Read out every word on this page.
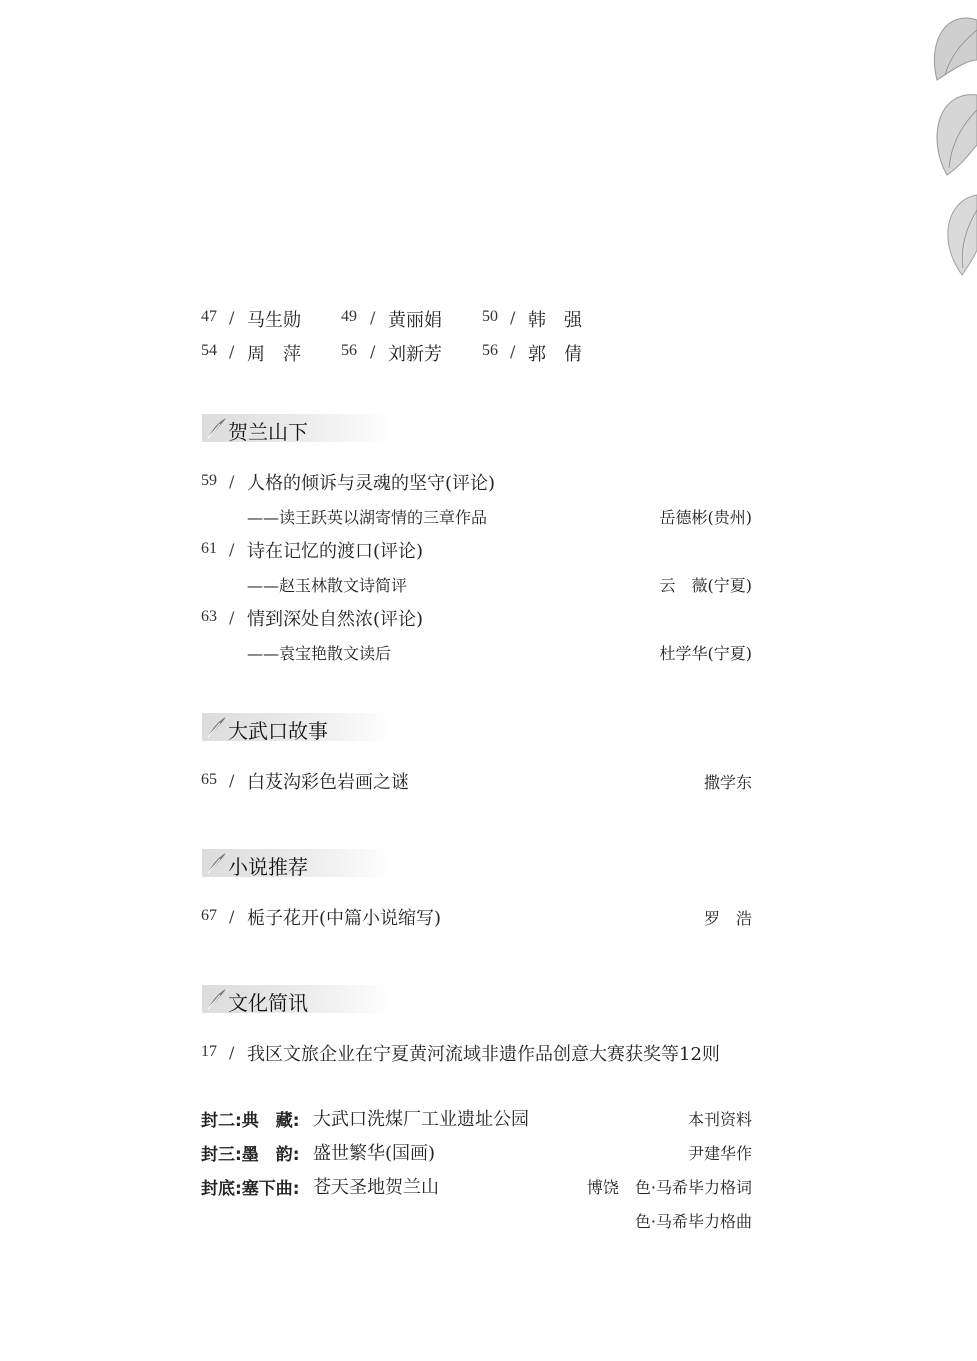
47 / 马生勋	49 / 黄丽娟	50 / 韩　强
54 / 周　萍	56 / 刘新芳	56 / 郭　倩
贺兰山下
59 / 人格的倾诉与灵魂的坚守(评论)
——读王跃英以湖寄情的三章作品	岳德彬(贵州)
61 / 诗在记忆的渡口(评论)
——赵玉林散文诗简评	云　薇(宁夏)
63 / 情到深处自然浓(评论)
——袁宝艳散文读后	杜学华(宁夏)
大武口故事
65 / 白芨沟彩色岩画之谜	撒学东
小说推荐
67 / 栀子花开(中篇小说缩写)	罗　浩
文化简讯
17 / 我区文旅企业在宁夏黄河流域非遗作品创意大赛获奖等12则
封二:典　藏: 大武口洗煤厂工业遗址公园	本刊资料
封三:墨　韵: 盛世繁华(国画)	尹建华作
封底:塞下曲: 苍天圣地贺兰山	博饶　色·马希毕力格词
色·马希毕力格曲
